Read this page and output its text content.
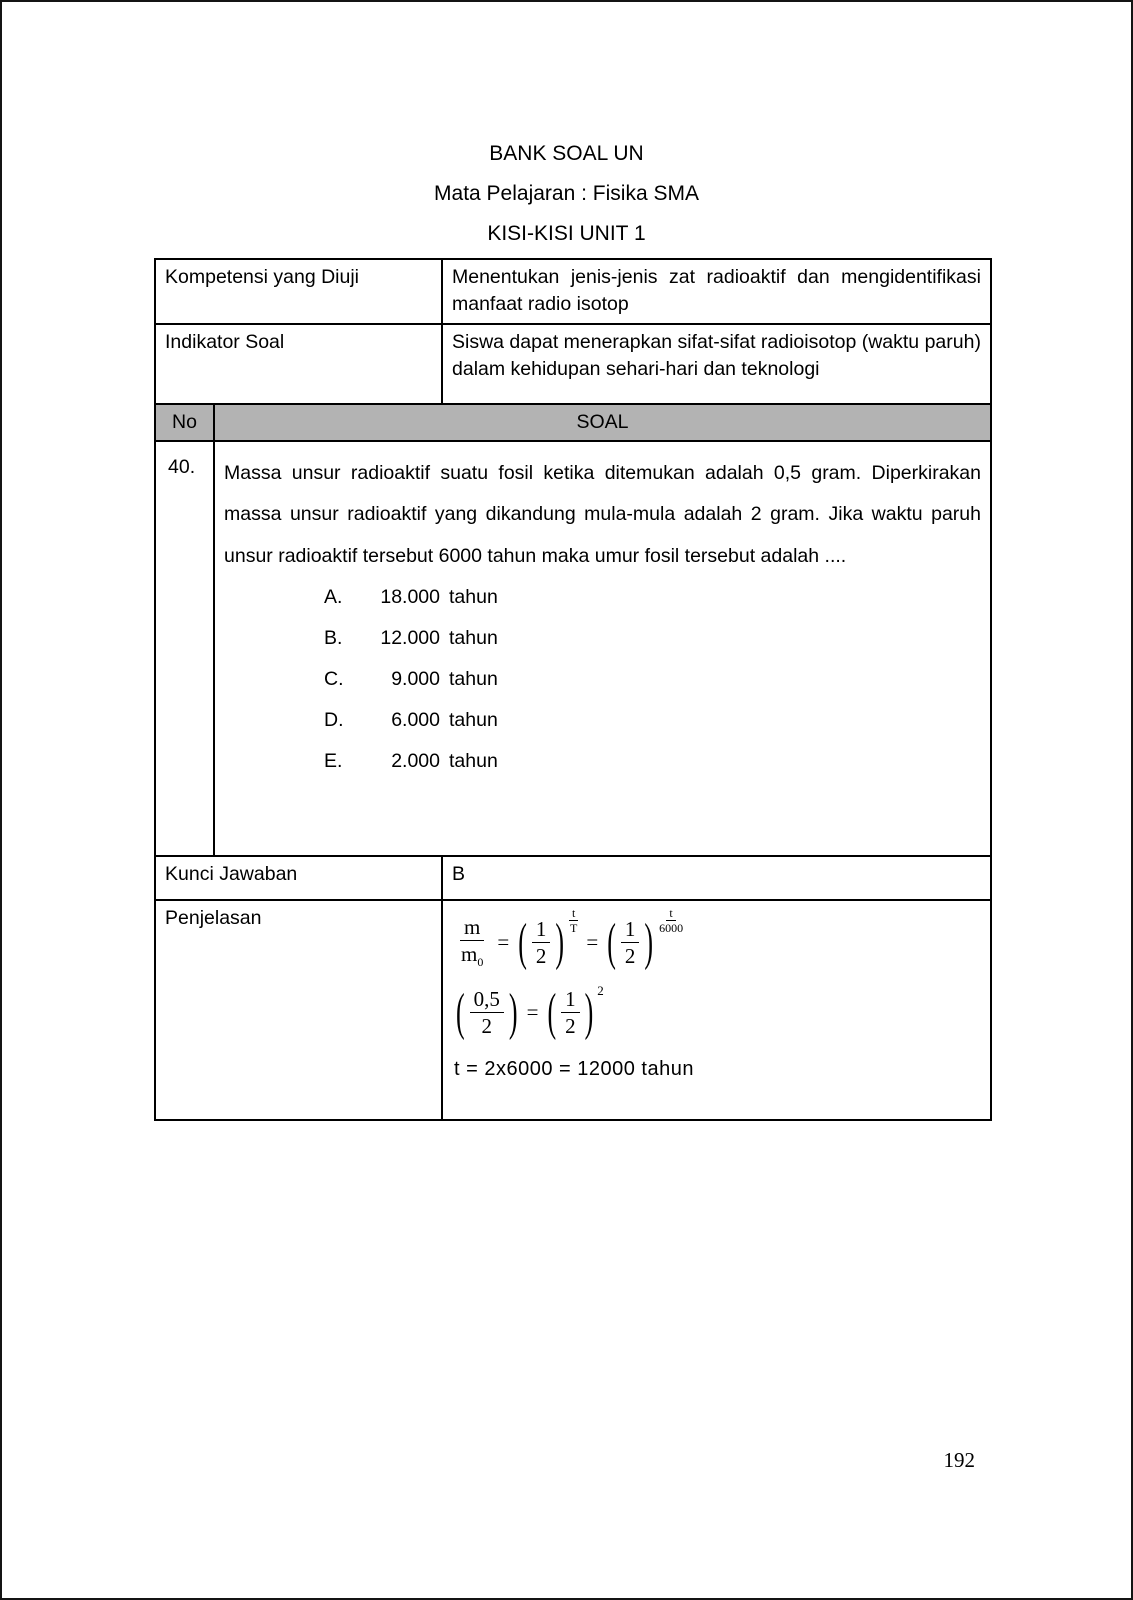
BANK SOAL UN
Mata Pelajaran : Fisika SMA
KISI-KISI UNIT 1
Kompetensi yang Diuji	Menentukan jenis-jenis zat radioaktif dan mengidentifikasi manfaat radio isotop
Indikator Soal	Siswa dapat menerapkan sifat-sifat radioisotop (waktu paruh) dalam kehidupan sehari-hari dan teknologi
No	SOAL
40.	Massa unsur radioaktif suatu fosil ketika ditemukan adalah 0,5 gram. Diperkirakan massa unsur radioaktif yang dikandung mula-mula adalah 2 gram. Jika waktu paruh unsur radioaktif tersebut 6000 tahun maka umur fosil tersebut adalah ....
A.	18.000 tahun
B.	12.000 tahun
C.	9.000 tahun
D.	6.000 tahun
E.	2.000 tahun
Kunci Jawaban	B
Penjelasan	$\frac{m}{m_0}$ = ( $\frac{1}{2}$ ) $\frac{t}{T}$
= ( $\frac{1}{2}$ ) $\frac{t}{6000}$
( $\frac{0,5}{2}$ ) = ( $\frac{1}{2}$ ) 2
t = 2x6000 = 12000 tahun
192
